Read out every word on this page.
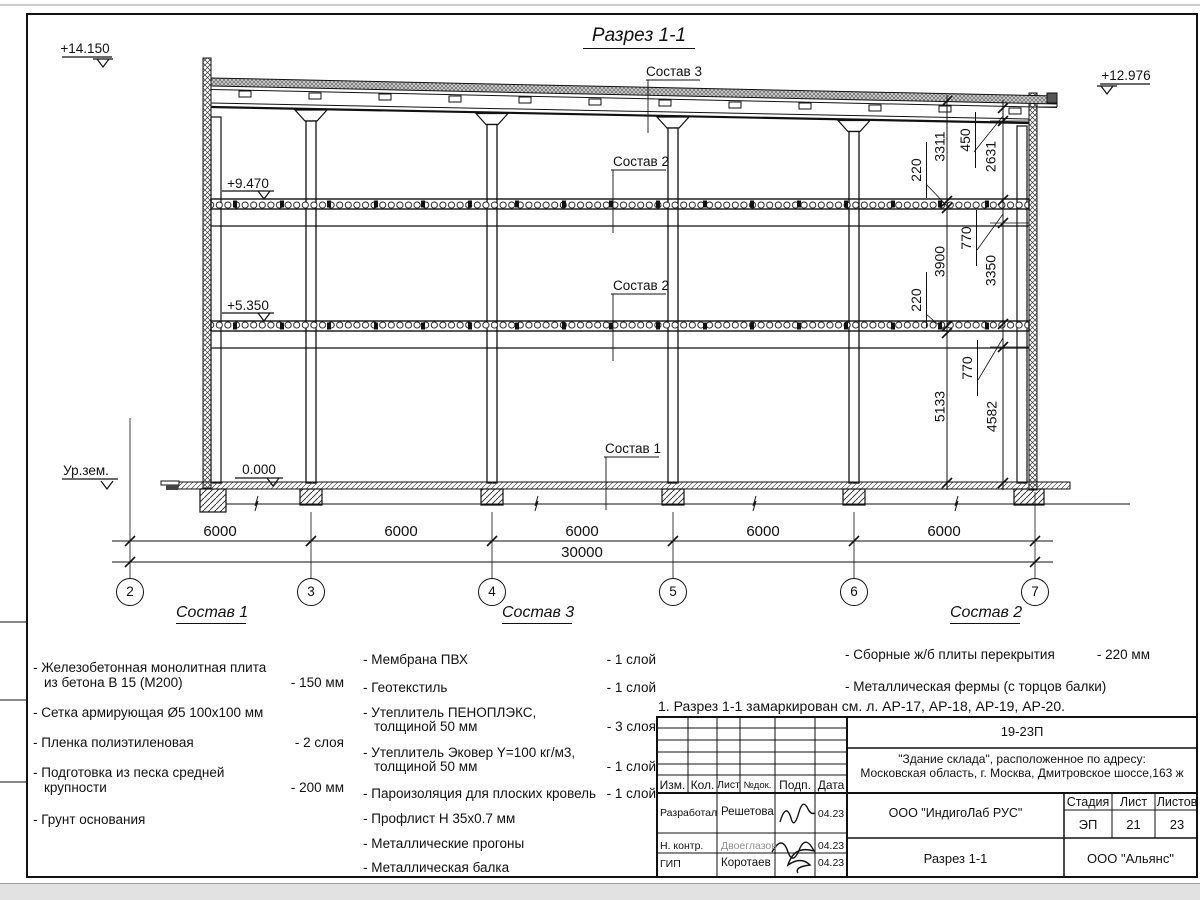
Разрез 1-1
+14.150
+12.976
+9.470
+5.350
0.000
Ур.зем.
Состав 3
Состав 2
Состав 2
Состав 1
6000	6000	6000	6000	6000
30000
2	3	4	5	6	7
3311
220
3900
220
5133
450
2631
770
3350
770
4582
Состав 1
- Железобетонная монолитная плита
из бетона В 15 (М200)	- 150 мм
- Сетка армирующая Ø5 100х100 мм
- Пленка полиэтиленовая	- 2 слоя
- Подготовка из песка средней
крупности	- 200 мм
- Грунт основания
Состав 3
- Мембрана ПВХ	- 1 слой
- Геотекстиль	- 1 слой
- Утеплитель ПЕНОПЛЭКС,
толщиной 50 мм	- 3 слоя
- Утеплитель Эковер Y=100 кг/м3,
толщиной 50 мм	- 1 слой
- Пароизоляция для плоских кровель - 1 слой
- Профлист Н 35х0.7 мм
- Металлические прогоны
- Металлическая балка
Состав 2
- Сборные ж/б плиты перекрытия	- 220 мм
- Металлическая фермы (с торцов балки)
1. Разрез 1-1 замаркирован см. л. АР-17, АР-18, АР-19, АР-20.
19-23П
"Здание склада", расположенное по адресу:
Московская область, г. Москва, Дмитровское шоссе,163 ж
Изм. Кол. Лист №док. Подп. Дата
Разработал Решетова	04.23
Н. контр. Двоеглазов	04.23
ГИП	Коротаев	04.23
ООО "ИндигоЛаб РУС"
Стадия Лист Листов
ЭП	21	23
Разрез 1-1	ООО "Альянс"
